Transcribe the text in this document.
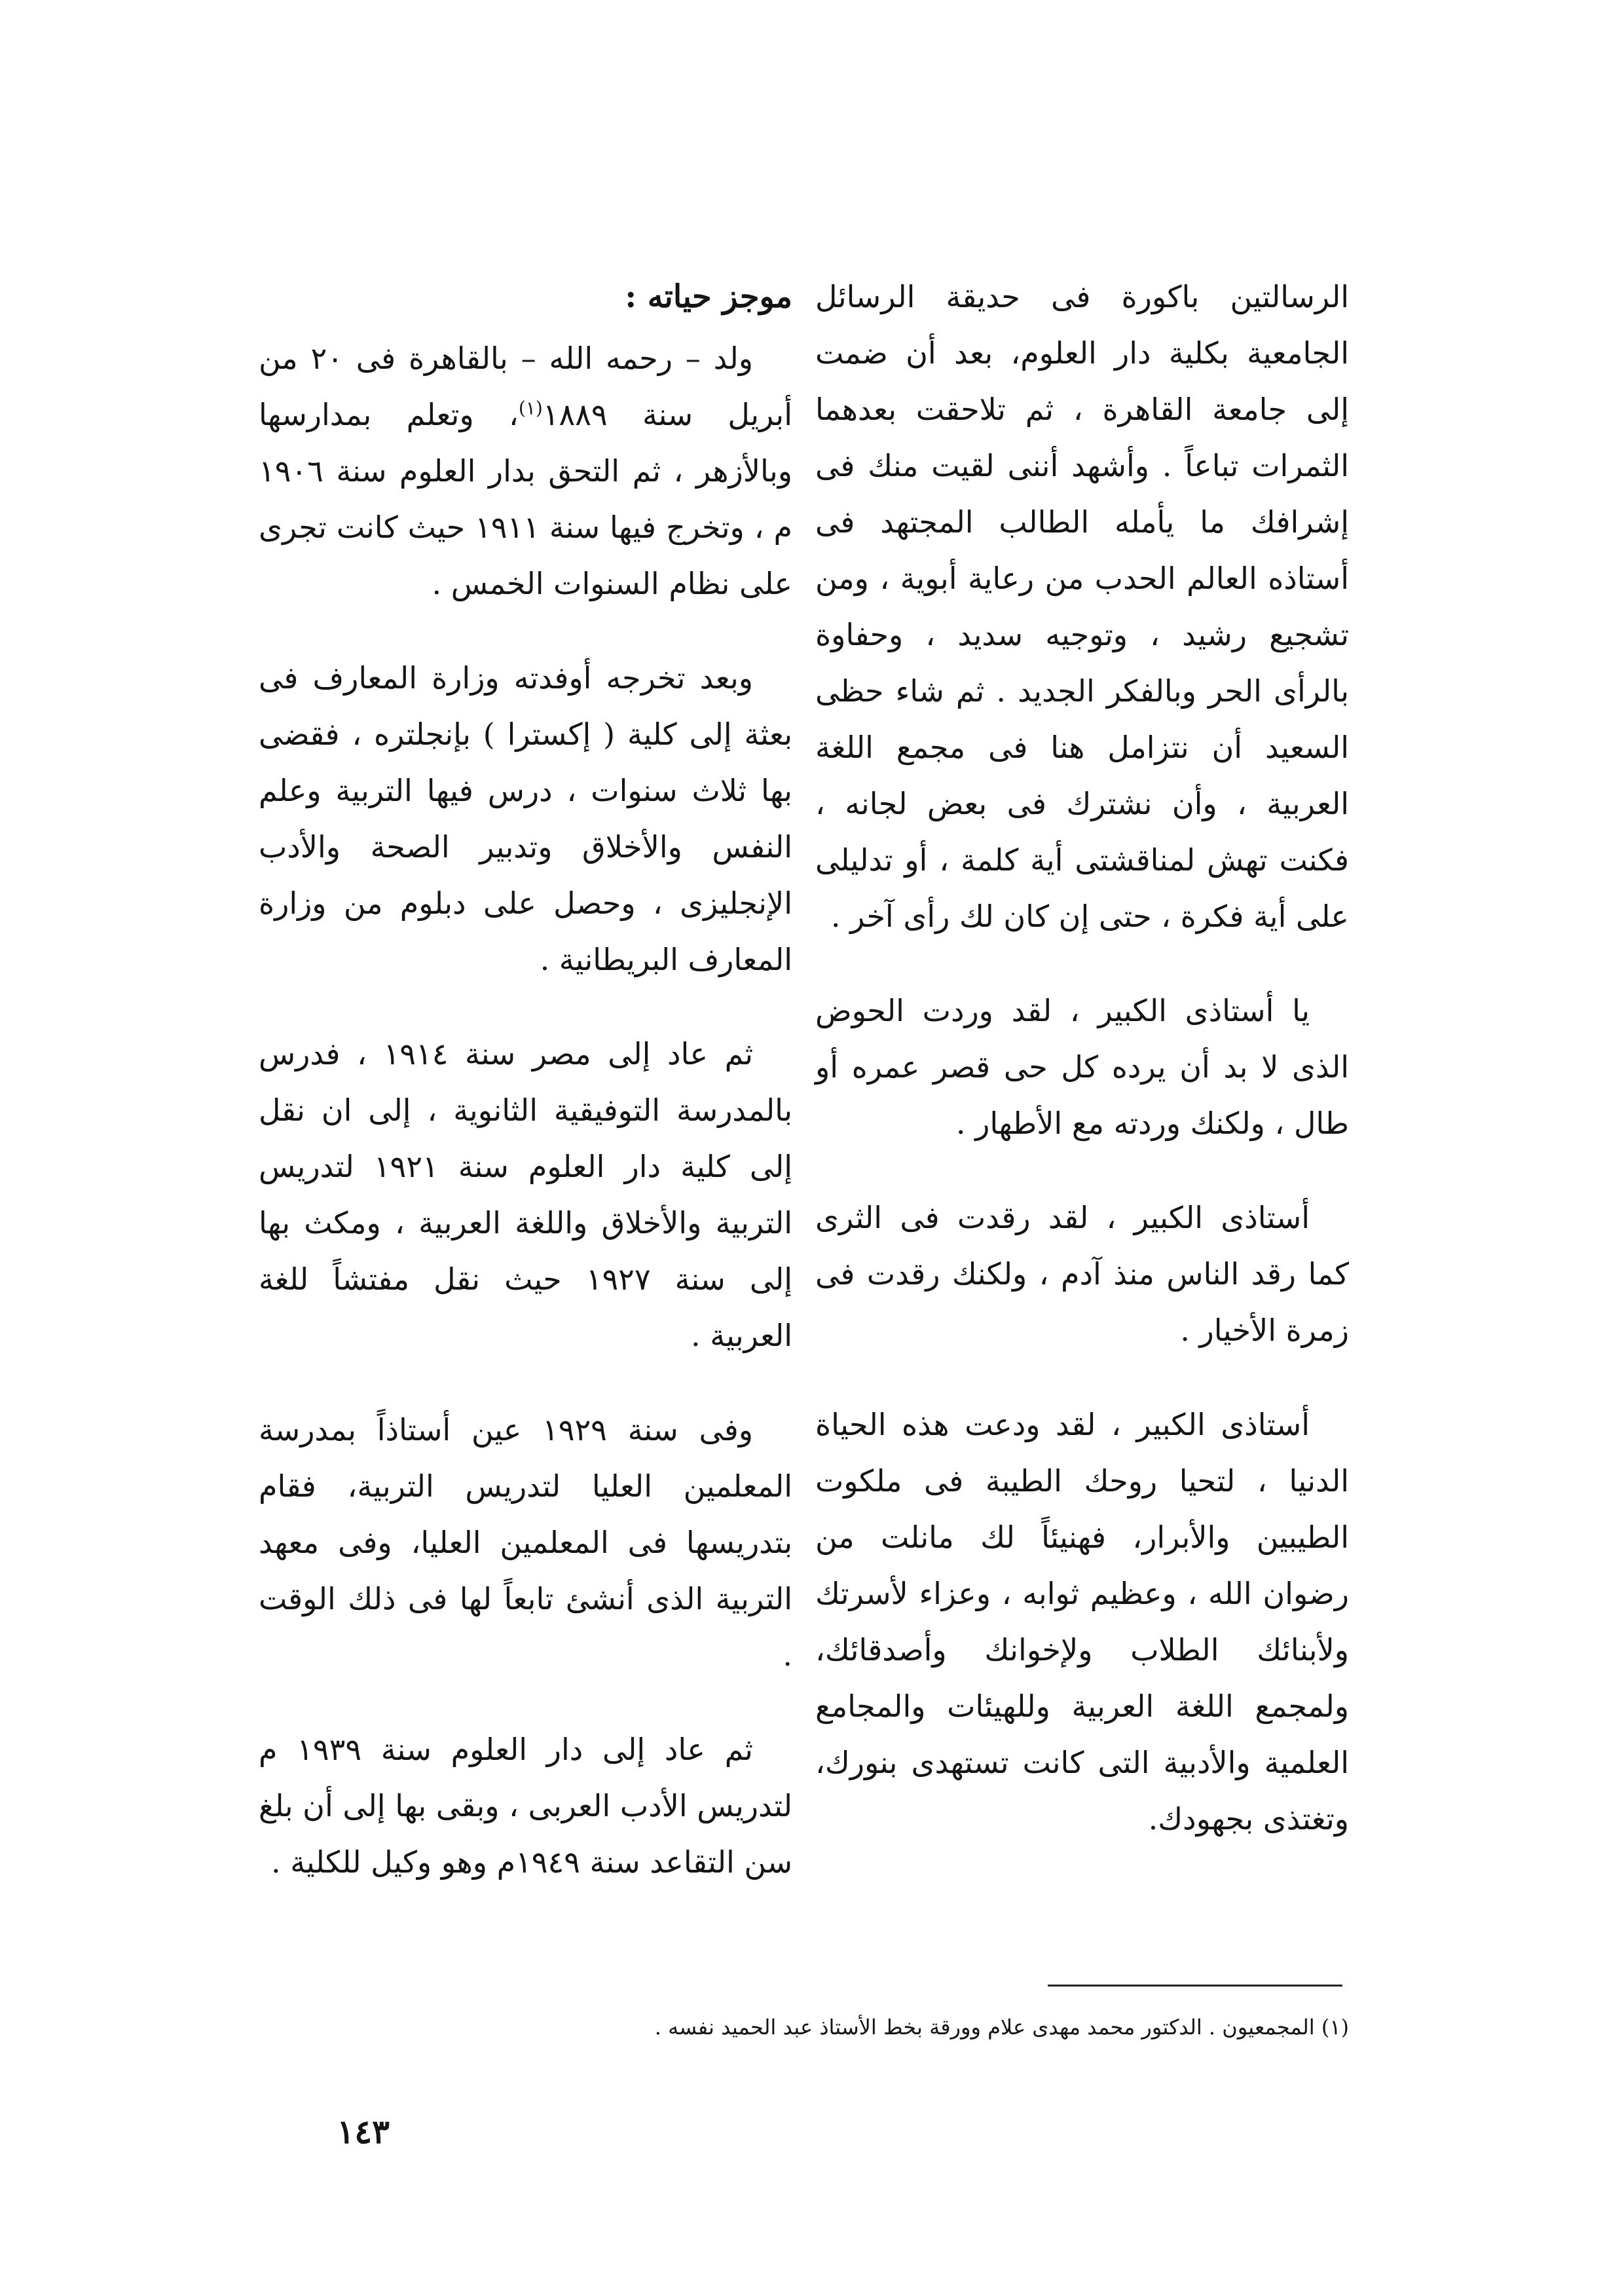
الرسالتين باكورة فى حديقة الرسائل الجامعية بكلية دار العلوم، بعد أن ضمت إلى جامعة القاهرة ، ثم تلاحقت بعدهما الثمرات تباعاً . وأشهد أننى لقيت منك فى إشرافك ما يأمله الطالب المجتهد فى أستاذه العالم الحدب من رعاية أبوية ، ومن تشجيع رشيد ، وتوجيه سديد ، وحفاوة بالرأى الحر وبالفكر الجديد . ثم شاء حظى السعيد أن نتزامل هنا فى مجمع اللغة العربية ، وأن نشترك فى بعض لجانه ، فكنت تهش لمناقشتى أية كلمة ، أو تدليلى على أية فكرة ، حتى إن كان لك رأى آخر .

يا أستاذى الكبير ، لقد وردت الحوض الذى لا بد أن يرده كل حى قصر عمره أو طال ، ولكنك وردته مع الأطهار .

أستاذى الكبير ، لقد رقدت فى الثرى كما رقد الناس منذ آدم ، ولكنك رقدت فى زمرة الأخيار .

أستاذى الكبير ، لقد ودعت هذه الحياة الدنيا ، لتحيا روحك الطيبة فى ملكوت الطيبين والأبرار، فهنيئاً لك مانلت من رضوان الله ، وعظيم ثوابه ، وعزاء لأسرتك ولأبنائك الطلاب ولإخوانك وأصدقائك، ولمجمع اللغة العربية وللهيئات والمجامع العلمية والأدبية التى كانت تستهدى بنورك، وتغتذى بجهودك.

موجز حياته :

ولد – رحمه الله – بالقاهرة فى ٢٠ من أبريل سنة ١٨٨٩$^{(١)}$، وتعلم بمدارسها وبالأزهر ، ثم التحق بدار العلوم سنة ١٩٠٦ م ، وتخرج فيها سنة ١٩١١ حيث كانت تجرى على نظام السنوات الخمس .

وبعد تخرجه أوفدته وزارة المعارف فى بعثة إلى كلية ( إكسترا ) بإنجلتره ، فقضى بها ثلاث سنوات ، درس فيها التربية وعلم النفس والأخلاق وتدبير الصحة والأدب الإنجليزى ، وحصل على دبلوم من وزارة المعارف البريطانية .

ثم عاد إلى مصر سنة ١٩١٤ ، فدرس بالمدرسة التوفيقية الثانوية ، إلى ان نقل إلى كلية دار العلوم سنة ١٩٢١ لتدريس التربية والأخلاق واللغة العربية ، ومكث بها إلى سنة ١٩٢٧ حيث نقل مفتشاً للغة العربية .

وفى سنة ١٩٢٩ عين أستاذاً بمدرسة المعلمين العليا لتدريس التربية، فقام بتدريسها فى المعلمين العليا، وفى معهد التربية الذى أنشئ تابعاً لها فى ذلك الوقت .

ثم عاد إلى دار العلوم سنة ١٩٣٩ م لتدريس الأدب العربى ، وبقى بها إلى أن بلغ سن التقاعد سنة ١٩٤٩م وهو وكيل للكلية .

(١) المجمعيون . الدكتور محمد مهدى علام وورقة بخط الأستاذ عبد الحميد نفسه .
١٤٣
